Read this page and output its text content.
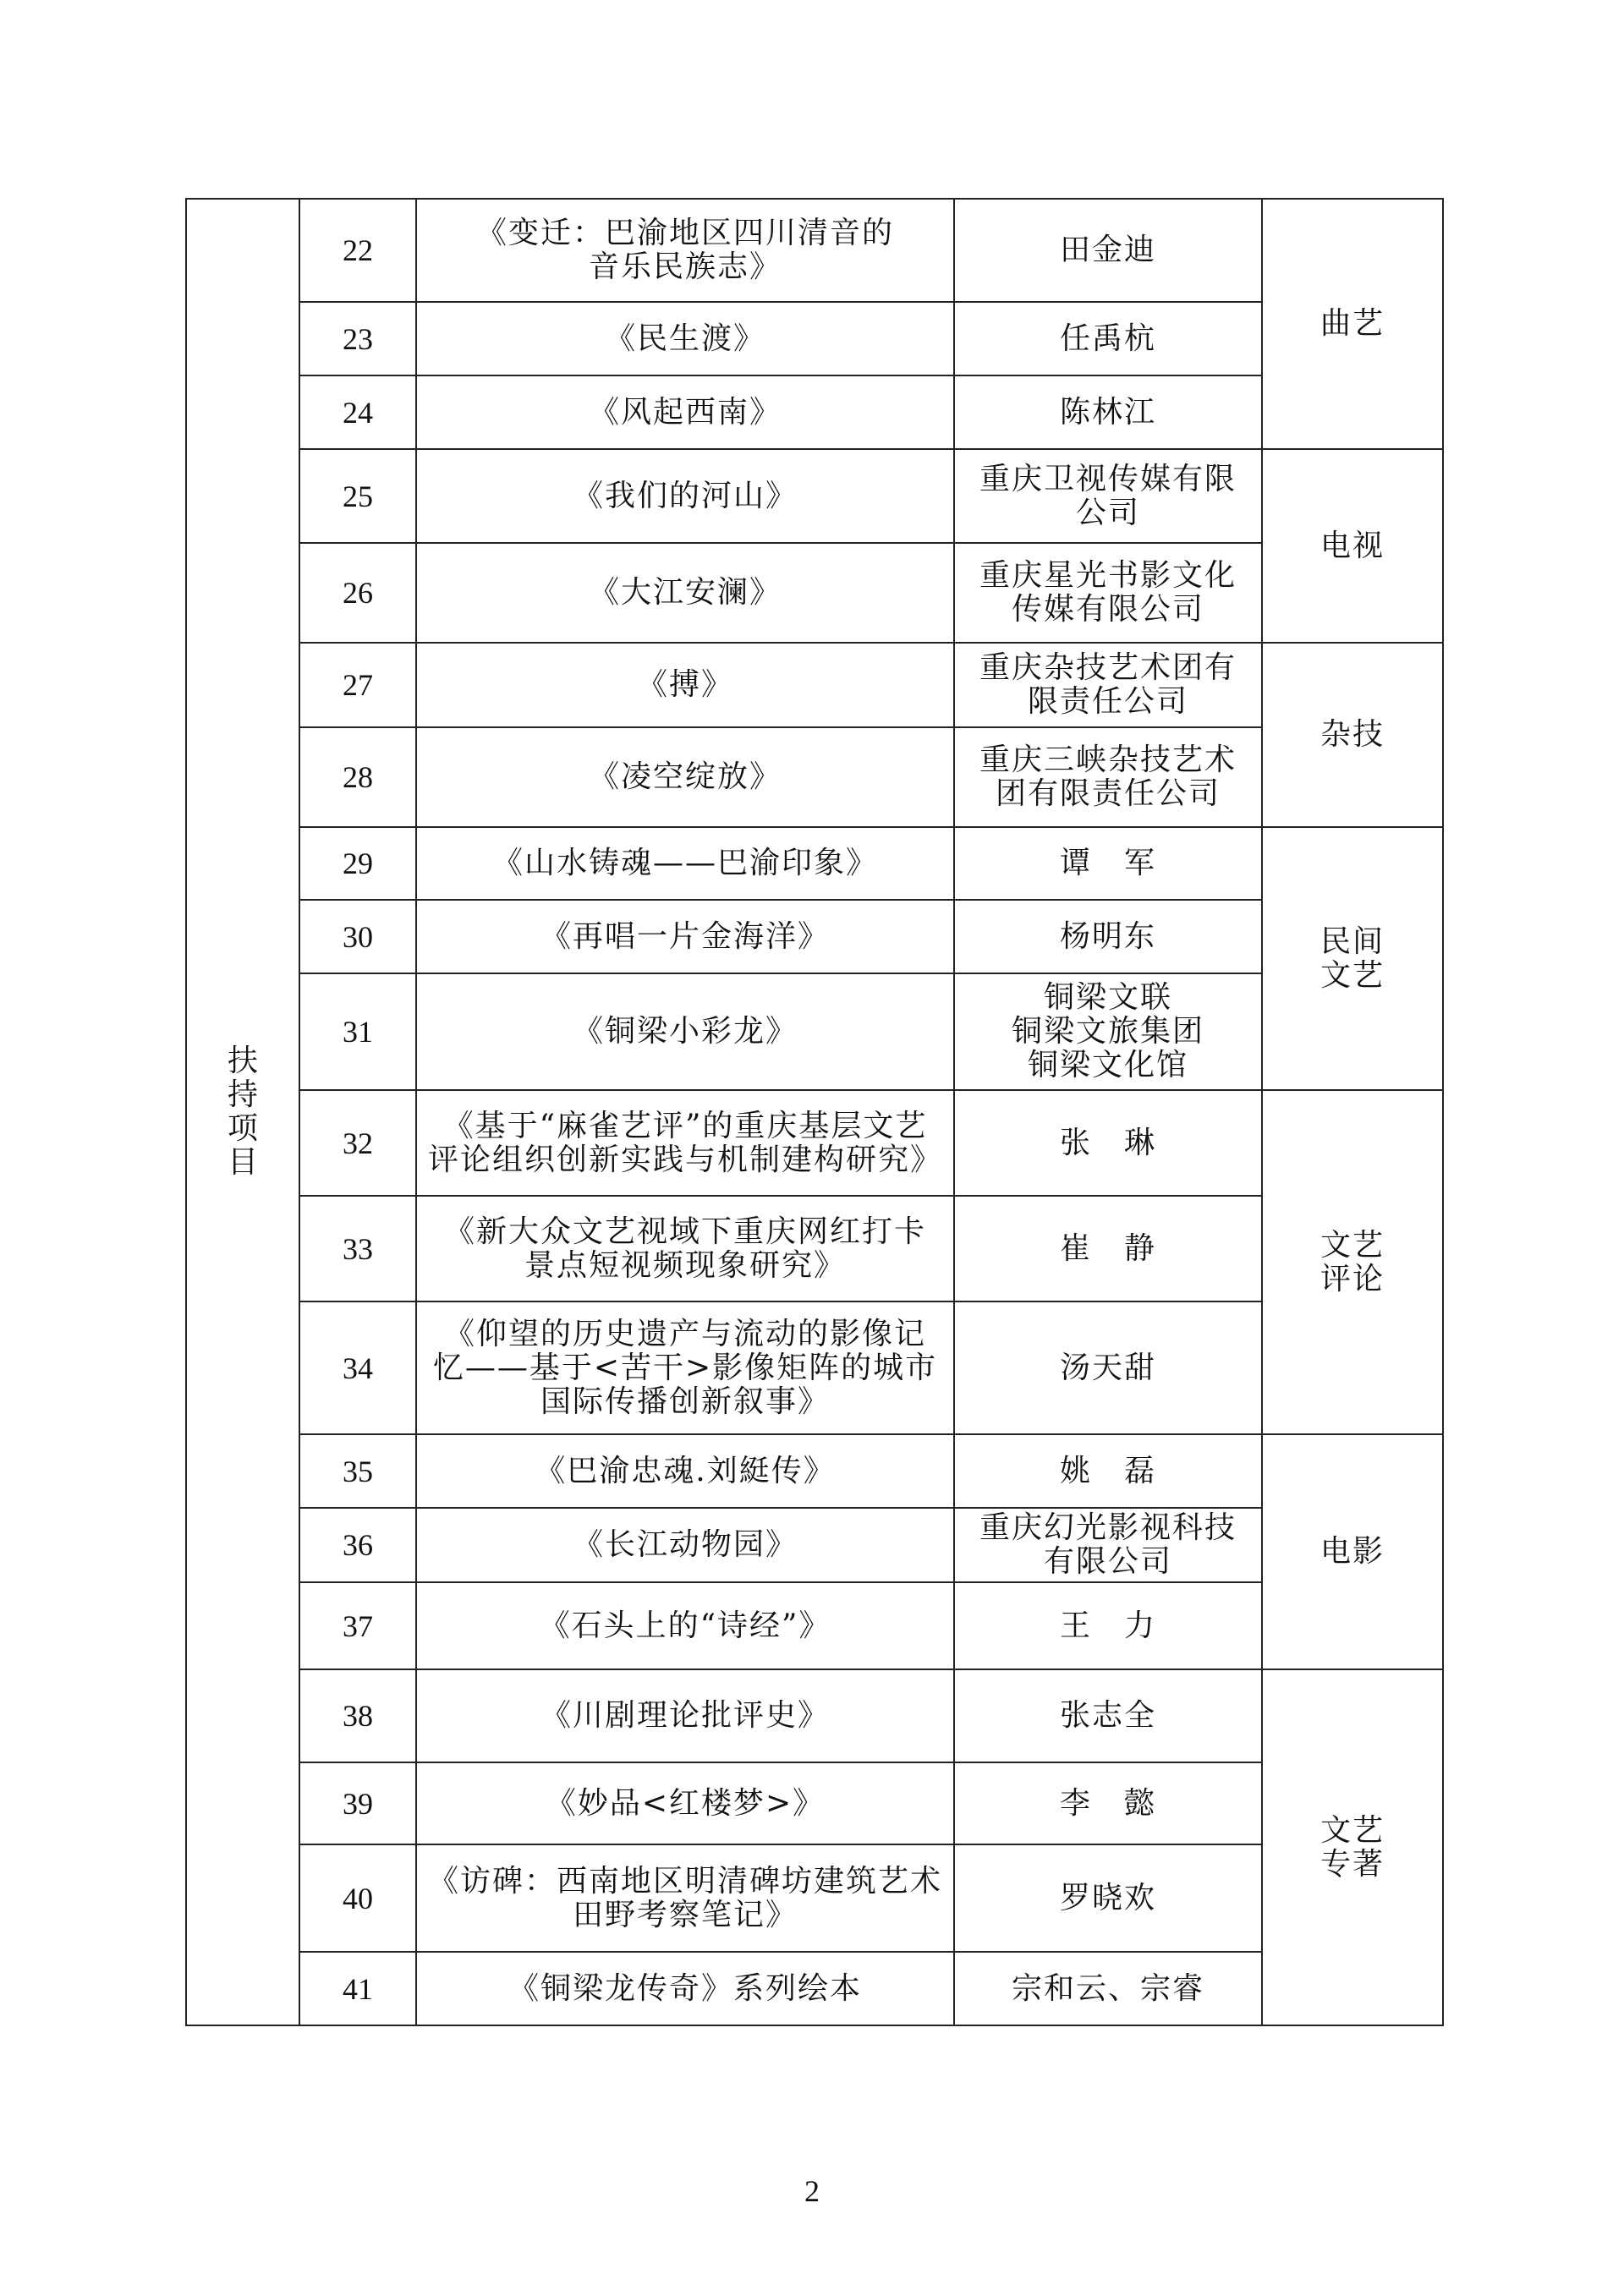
扶
持
项
目	22	《变迁：巴渝地区四川清音的
音乐民族志》	田金迪	曲艺

	23	《民生渡》	任禹杭	

	24	《风起西南》	陈林江	

	25	《我们的河山》	重庆卫视传媒有限
公司	电视

	26	《大江安澜》	重庆星光书影文化
传媒有限公司	

	27	《搏》	重庆杂技艺术团有
限责任公司	杂技

	28	《凌空绽放》	重庆三峡杂技艺术
团有限责任公司	

	29	《山水铸魂——巴渝印象》	谭　军	民间
文艺

	30	《再唱一片金海洋》	杨明东	

	31	《铜梁小彩龙》	铜梁文联
铜梁文旅集团
铜梁文化馆	

	32	《基于“麻雀艺评”的重庆基层文艺
评论组织创新实践与机制建构研究》	张　琳	文艺
评论

	33	《新大众文艺视域下重庆网红打卡
景点短视频现象研究》	崔　静	

	34	《仰望的历史遗产与流动的影像记
忆——基于<苦干>影像矩阵的城市
国际传播创新叙事》	汤天甜	

	35	《巴渝忠魂.刘綎传》	姚　磊	电影

	36	《长江动物园》	重庆幻光影视科技
有限公司	

	37	《石头上的“诗经”》	王　力	

	38	《川剧理论批评史》	张志全	文艺
专著

	39	《妙品<红楼梦>》	李　懿	

	40	《访碑：西南地区明清碑坊建筑艺术
田野考察笔记》	罗晓欢	

	41	《铜梁龙传奇》系列绘本	宗和云、宗睿	
2
